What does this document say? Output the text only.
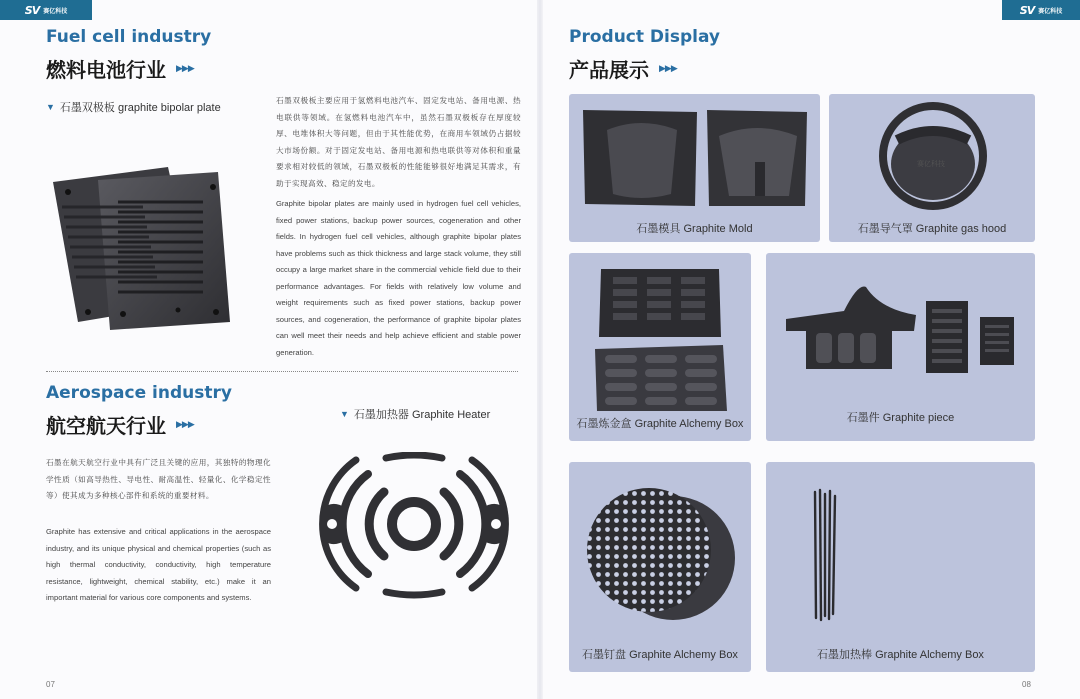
SV 赛亿科技
Fuel cell industry
燃料电池行业 ▶▶▶
▼ 石墨双极板 graphite bipolar plate

石墨双极板主要应用于氢燃料电池汽车、固定发电站、备用电源、热电联供等领域。在氢燃料电池汽车中，虽然石墨双极板存在厚度较厚、电堆体积大等问题，但由于其性能优势，在商用车领域仍占据较大市场份额。对于固定发电站、备用电源和热电联供等对体积和重量要求相对较低的领域，石墨双极板的性能能够很好地满足其需求，有助于实现高效、稳定的发电。

Graphite bipolar plates are mainly used in hydrogen fuel cell vehicles, fixed power stations, backup power sources, cogeneration and other fields. In hydrogen fuel cell vehicles, although graphite bipolar plates have problems such as thick thickness and large stack volume, they still occupy a large market share in the commercial vehicle field due to their performance advantages. For fields with relatively low volume and weight requirements such as fixed power stations, backup power sources, and cogeneration, the performance of graphite bipolar plates can well meet their needs and help achieve efficient and stable power generation.

Aerospace industry
航空航天行业 ▶▶▶
▼ 石墨加热器 Graphite Heater

石墨在航天航空行业中具有广泛且关键的应用，其独特的物理化学性质（如高导热性、导电性、耐高温性、轻量化、化学稳定性等）使其成为多种核心部件和系统的重要材料。

Graphite has extensive and critical applications in the aerospace industry, and its unique physical and chemical properties (such as high thermal conductivity, conductivity, high temperature resistance, lightweight, chemical stability, etc.) make it an important material for various core components and systems.

07
SV 赛亿科技
Product Display
产品展示 ▶▶▶
石墨模具 Graphite Mold
赛亿科技
石墨导气罩 Graphite gas hood
石墨炼金盒 Graphite Alchemy Box	石墨件 Graphite piece
石墨钉盘 Graphite Alchemy Box	石墨加热棒 Graphite Alchemy Box
08
